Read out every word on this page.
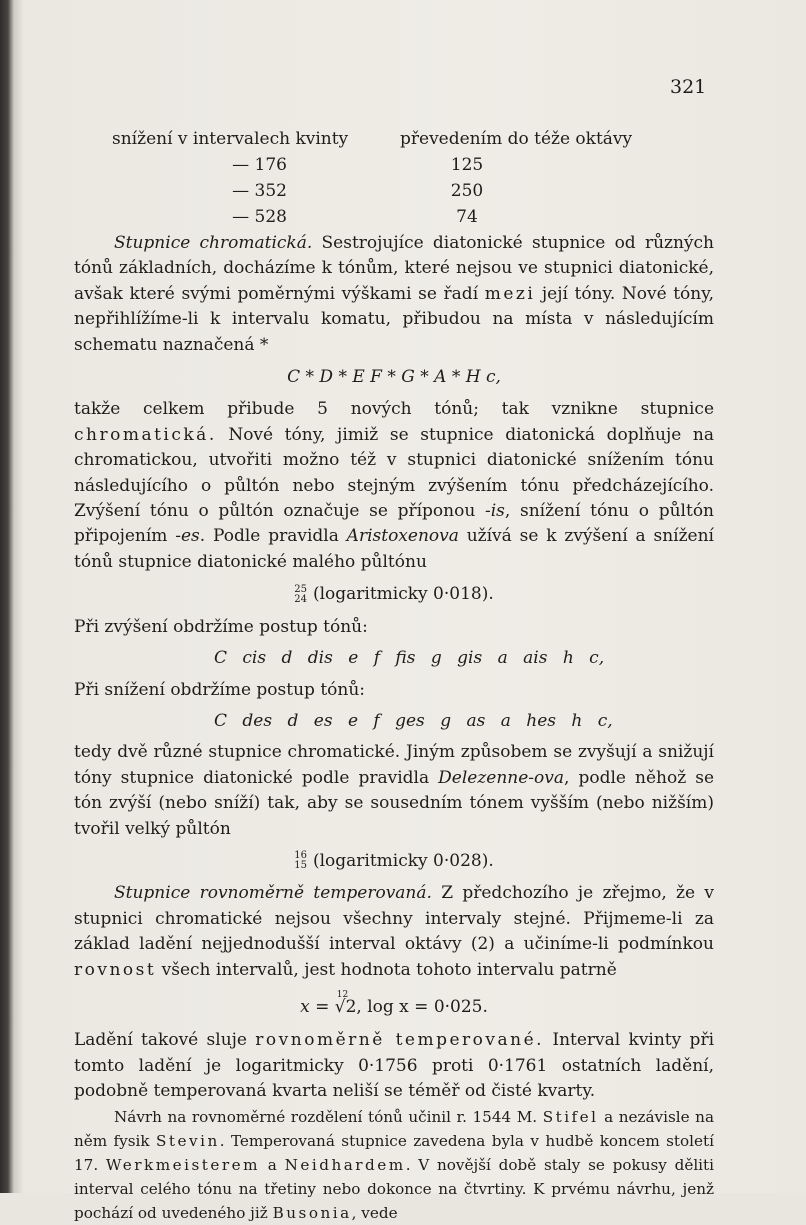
321
snížení v intervalech kvinty	převedením do téže oktávy
— 176	125
— 352	250
— 528	74

Stupnice chromatická. Sestrojujíce diatonické stupnice od různých tónů základních, docházíme k tónům, které nejsou ve stupnici diatonické, avšak které svými poměrnými výškami se řadí mezi její tóny. Nové tóny, nepřihlížíme-li k intervalu komatu, přibudou na místa v následujícím schematu naznačená *

C * D * E F * G * A * H c,

takže celkem přibude 5 nových tónů; tak vznikne stupnice chromatická. Nové tóny, jimiž se stupnice diatonická doplňuje na chromatickou, utvořiti možno též v stupnici diatonické snížením tónu následujícího o půltón nebo stejným zvýšením tónu předcházejícího. Zvýšení tónu o půltón označuje se příponou -is, snížení tónu o půltón připojením -es. Podle pravidla Aristoxenova užívá se k zvýšení a snížení tónů stupnice diatonické malého půltónu

25
24 (logaritmicky 0·018).

Při zvýšení obdržíme postup tónů:

C cis d dis e f fis g gis a ais h c,

Při snížení obdržíme postup tónů:

C des d es e f ges g as a hes h c,

tedy dvě různé stupnice chromatické. Jiným způsobem se zvyšují a snižují tóny stupnice diatonické podle pravidla Delezenne-ova, podle něhož se tón zvýší (nebo sníží) tak, aby se sousedním tónem vyšším (nebo nižším) tvořil velký půltón

16
15 (logaritmicky 0·028).

Stupnice rovnoměrně temperovaná. Z předchozího je zřejmo, že v stupnici chromatické nejsou všechny intervaly stejné. Přijmeme-li za základ ladění nejjednodušší interval oktávy (2) a učiníme-li podmínkou rovnost všech intervalů, jest hodnota tohoto intervalu patrně

x =
12
√2, log x = 0·025.

Ladění takové sluje rovnoměrně temperované. Interval kvinty při tomto ladění je logaritmicky 0·1756 proti 0·1761 ostatních ladění, podobně temperovaná kvarta neliší se téměř od čisté kvarty.

Návrh na rovnoměrné rozdělení tónů učinil r. 1544 M. Stifel a nezávisle na něm fysik Stevin. Temperovaná stupnice zavedena byla v hudbě koncem století 17. Werkmeisterem a Neidhardem. V novější době staly se pokusy děliti interval celého tónu na třetiny nebo dokonce na čtvrtiny. K prvému návrhu, jenž pochází od uvedeného již Busonia, vede
